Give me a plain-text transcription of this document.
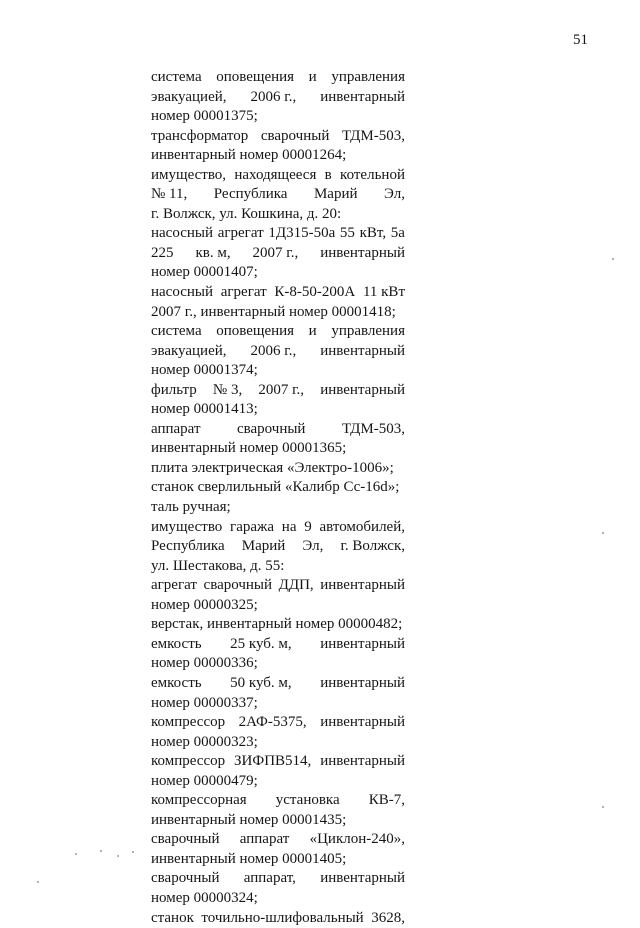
51
система оповещения и управления
эвакуацией, 2006 г., инвентарный
номер 00001375;
трансформатор сварочный ТДМ-503,
инвентарный номер 00001264;
имущество, находящееся в котельной
№ 11, Республика Марий Эл,
г. Волжск, ул. Кошкина, д. 20:
насосный агрегат 1Д315-50а 55 кВт, 5а
225 кв. м, 2007 г., инвентарный
номер 00001407;
насосный агрегат К-8-50-200А 11 кВт
2007 г., инвентарный номер 00001418;
система оповещения и управления
эвакуацией, 2006 г., инвентарный
номер 00001374;
фильтр № 3, 2007 г., инвентарный
номер 00001413;
аппарат сварочный ТДМ-503,
инвентарный номер 00001365;
плита электрическая «Электро-1006»;
станок сверлильный «Калибр Сс-16d»;
таль ручная;
имущество гаража на 9 автомобилей,
Республика Марий Эл, г. Волжск,
ул. Шестакова, д. 55:
агрегат сварочный ДДП, инвентарный
номер 00000325;
верстак, инвентарный номер 00000482;
емкость 25 куб. м, инвентарный
номер 00000336;
емкость 50 куб. м, инвентарный
номер 00000337;
компрессор 2АФ-5375, инвентарный
номер 00000323;
компрессор ЗИФПВ514, инвентарный
номер 00000479;
компрессорная установка КВ-7,
инвентарный номер 00001435;
сварочный аппарат «Циклон-240»,
инвентарный номер 00001405;
сварочный аппарат, инвентарный
номер 00000324;
станок точильно-шлифовальный 3628,
